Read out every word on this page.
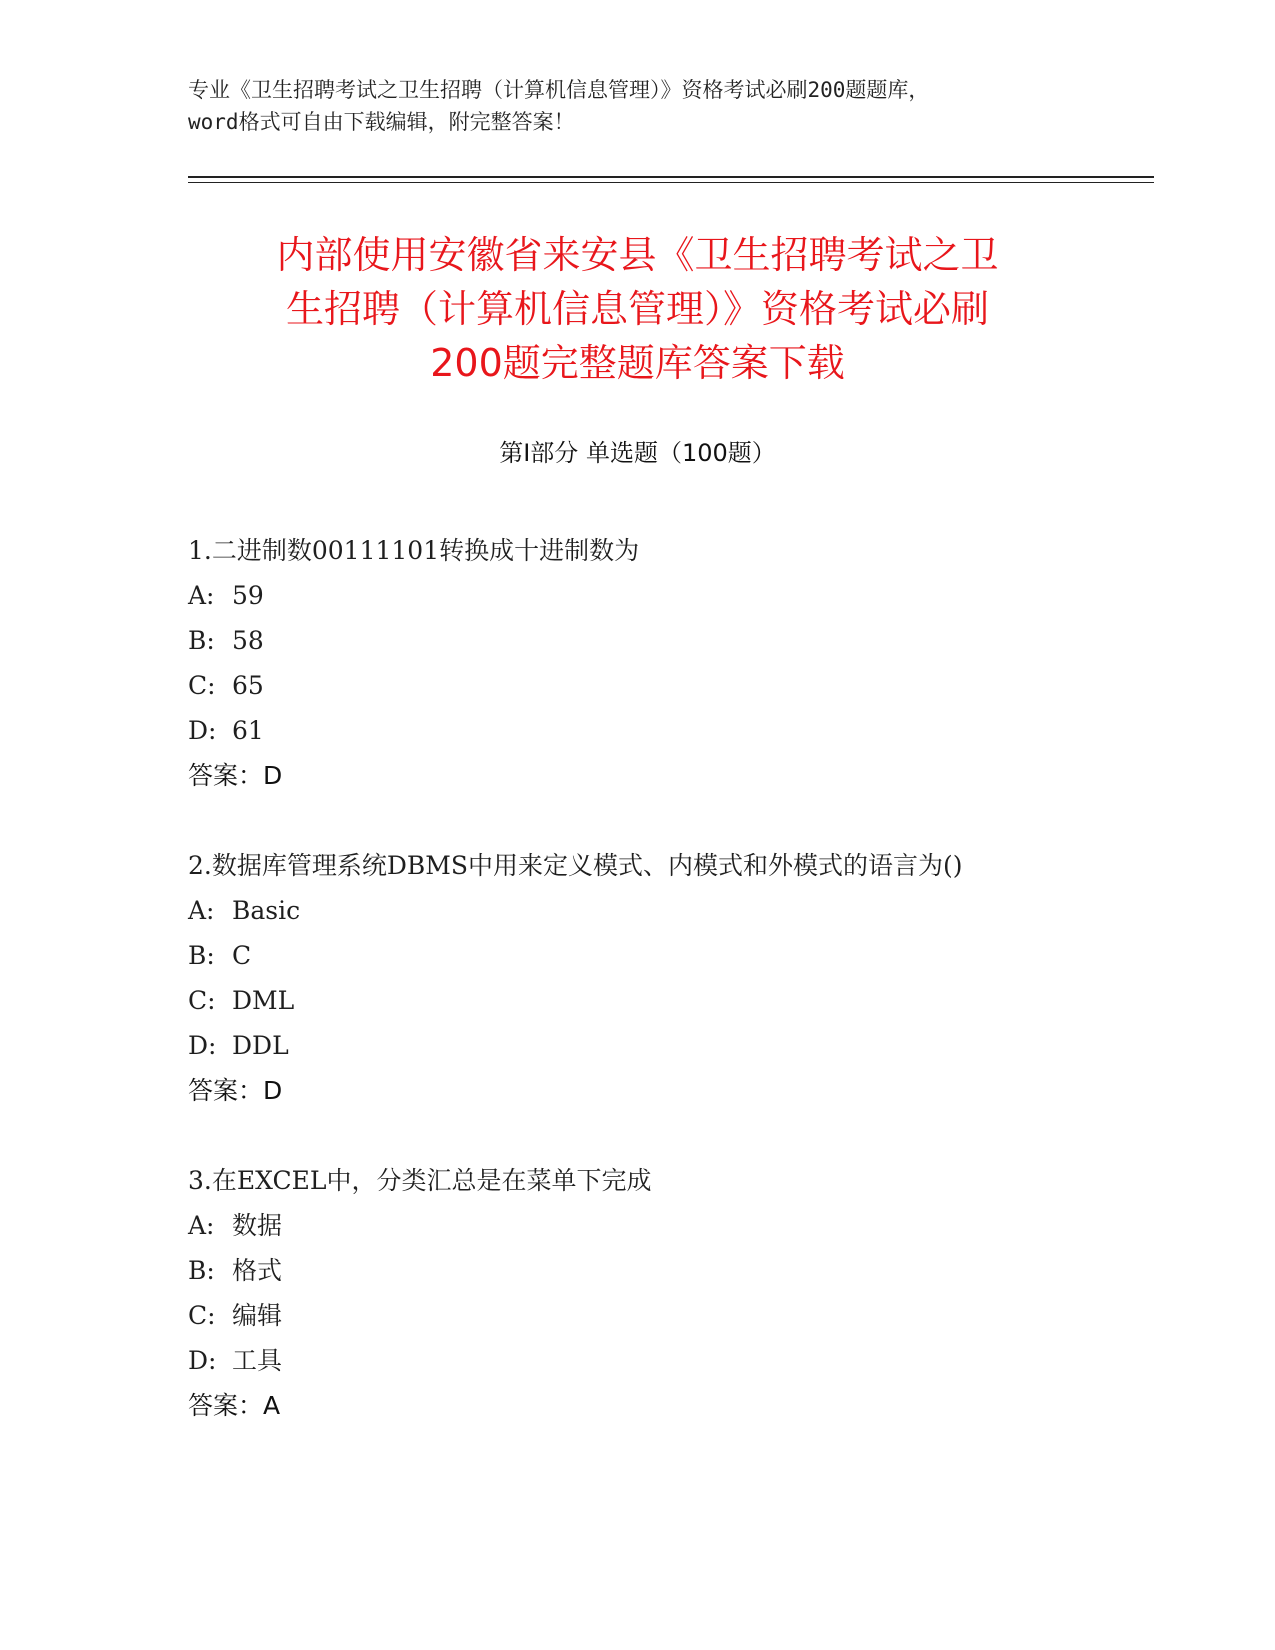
专业《卫生招聘考试之卫生招聘（计算机信息管理）》资格考试必刷200题题库，

word格式可自由下载编辑，附完整答案！

内部使用安徽省来安县《卫生招聘考试之卫
生招聘（计算机信息管理）》资格考试必刷
200题完整题库答案下载
第Ⅰ部分 单选题（100题）
1.二进制数00111101转换成十进制数为
A: 59
B: 58
C: 65
D: 61
答案：D
2.数据库管理系统DBMS中用来定义模式、内模式和外模式的语言为()
A: Basic
B: C
C: DML
D: DDL
答案：D
3.在EXCEL中，分类汇总是在菜单下完成
A: 数据
B: 格式
C: 编辑
D: 工具
答案：A
